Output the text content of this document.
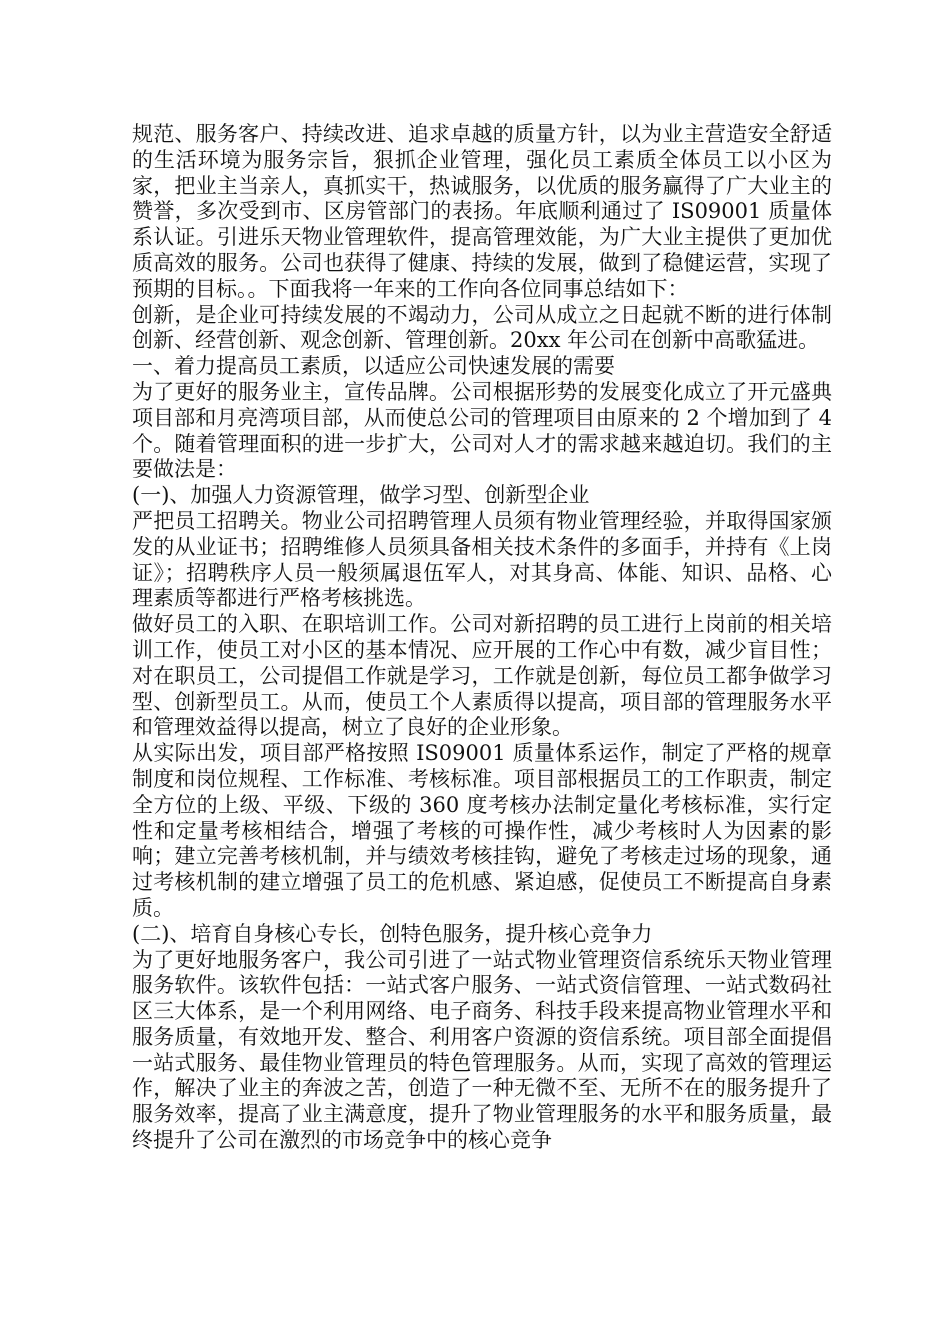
规范、服务客户、持续改进、追求卓越的质量方针，以为业主营造安全舒适的生活环境为服务宗旨，狠抓企业管理，强化员工素质全体员工以小区为家，把业主当亲人，真抓实干，热诚服务，以优质的服务赢得了广大业主的赞誉，多次受到市、区房管部门的表扬。年底顺利通过了 IS09001 质量体系认证。引进乐天物业管理软件，提高管理效能，为广大业主提供了更加优质高效的服务。公司也获得了健康、持续的发展，做到了稳健运营，实现了预期的目标。。下面我将一年来的工作向各位同事总结如下：

创新，是企业可持续发展的不竭动力，公司从成立之日起就不断的进行体制创新、经营创新、观念创新、管理创新。20xx 年公司在创新中高歌猛进。

一、着力提高员工素质，以适应公司快速发展的需要

为了更好的服务业主，宣传品牌。公司根据形势的发展变化成立了开元盛典项目部和月亮湾项目部，从而使总公司的管理项目由原来的 2 个增加到了 4 个。随着管理面积的进一步扩大，公司对人才的需求越来越迫切。我们的主要做法是：

(一)、加强人力资源管理，做学习型、创新型企业

严把员工招聘关。物业公司招聘管理人员须有物业管理经验，并取得国家颁发的从业证书；招聘维修人员须具备相关技术条件的多面手，并持有《上岗证》；招聘秩序人员一般须属退伍军人，对其身高、体能、知识、品格、心理素质等都进行严格考核挑选。

做好员工的入职、在职培训工作。公司对新招聘的员工进行上岗前的相关培训工作，使员工对小区的基本情况、应开展的工作心中有数，减少盲目性；对在职员工，公司提倡工作就是学习，工作就是创新，每位员工都争做学习型、创新型员工。从而，使员工个人素质得以提高，项目部的管理服务水平和管理效益得以提高，树立了良好的企业形象。

从实际出发，项目部严格按照 IS09001 质量体系运作，制定了严格的规章制度和岗位规程、工作标准、考核标准。项目部根据员工的工作职责，制定全方位的上级、平级、下级的 360 度考核办法制定量化考核标准，实行定性和定量考核相结合，增强了考核的可操作性，减少考核时人为因素的影响；建立完善考核机制，并与绩效考核挂钩，避免了考核走过场的现象，通过考核机制的建立增强了员工的危机感、紧迫感，促使员工不断提高自身素质。

(二)、培育自身核心专长，创特色服务，提升核心竞争力

为了更好地服务客户，我公司引进了一站式物业管理资信系统乐天物业管理服务软件。该软件包括：一站式客户服务、一站式资信管理、一站式数码社区三大体系，是一个利用网络、电子商务、科技手段来提高物业管理水平和服务质量，有效地开发、整合、利用客户资源的资信系统。项目部全面提倡一站式服务、最佳物业管理员的特色管理服务。从而，实现了高效的管理运作，解决了业主的奔波之苦，创造了一种无微不至、无所不在的服务提升了服务效率，提高了业主满意度，提升了物业管理服务的水平和服务质量，最终提升了公司在激烈的市场竞争中的核心竞争
